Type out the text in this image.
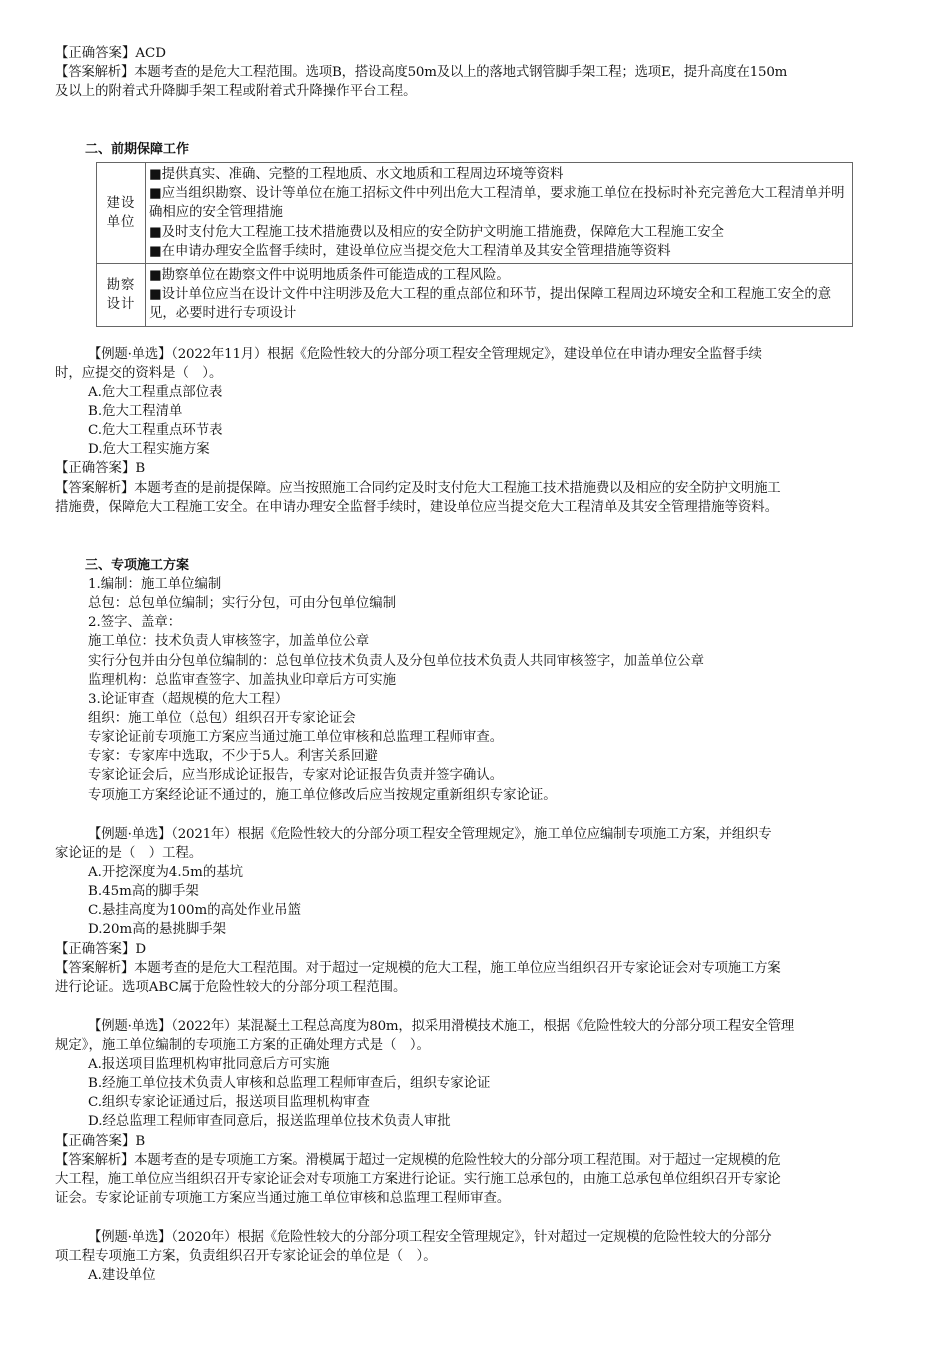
【正确答案】ACD
【答案解析】本题考查的是危大工程范围。选项B，搭设高度50m及以上的落地式钢管脚手架工程；选项E，提升高度在150m
及以上的附着式升降脚手架工程或附着式升降操作平台工程。
二、前期保障工作
建设
单位	■提供真实、准确、完整的工程地质、水文地质和工程周边环境等资料
■应当组织勘察、设计等单位在施工招标文件中列出危大工程清单，要求施工单位在投标时补充完善危大工程清单并明确相应的安全管理措施
■及时支付危大工程施工技术措施费以及相应的安全防护文明施工措施费，保障危大工程施工安全
■在申请办理安全监督手续时，建设单位应当提交危大工程清单及其安全管理措施等资料

勘察
设计	■勘察单位在勘察文件中说明地质条件可能造成的工程风险。
■设计单位应当在设计文件中注明涉及危大工程的重点部位和环节，提出保障工程周边环境安全和工程施工安全的意见，必要时进行专项设计
【例题·单选】（2022年11月）根据《危险性较大的分部分项工程安全管理规定》，建设单位在申请办理安全监督手续
时，应提交的资料是（　）。
A.危大工程重点部位表
B.危大工程清单
C.危大工程重点环节表
D.危大工程实施方案
【正确答案】B
【答案解析】本题考查的是前提保障。应当按照施工合同约定及时支付危大工程施工技术措施费以及相应的安全防护文明施工
措施费，保障危大工程施工安全。在申请办理安全监督手续时，建设单位应当提交危大工程清单及其安全管理措施等资料。
三、专项施工方案
1.编制：施工单位编制
总包：总包单位编制；实行分包，可由分包单位编制
2.签字、盖章：
施工单位：技术负责人审核签字，加盖单位公章
实行分包并由分包单位编制的：总包单位技术负责人及分包单位技术负责人共同审核签字，加盖单位公章
监理机构：总监审查签字、加盖执业印章后方可实施
3.论证审查（超规模的危大工程）
组织：施工单位（总包）组织召开专家论证会
专家论证前专项施工方案应当通过施工单位审核和总监理工程师审查。
专家：专家库中选取，不少于5人。利害关系回避
专家论证会后，应当形成论证报告，专家对论证报告负责并签字确认。
专项施工方案经论证不通过的，施工单位修改后应当按规定重新组织专家论证。
【例题·单选】（2021年）根据《危险性较大的分部分项工程安全管理规定》，施工单位应编制专项施工方案，并组织专
家论证的是（　）工程。
A.开挖深度为4.5m的基坑
B.45m高的脚手架
C.悬挂高度为100m的高处作业吊篮
D.20m高的悬挑脚手架
【正确答案】D
【答案解析】本题考查的是危大工程范围。对于超过一定规模的危大工程，施工单位应当组织召开专家论证会对专项施工方案
进行论证。选项ABC属于危险性较大的分部分项工程范围。
【例题·单选】（2022年）某混凝土工程总高度为80m，拟采用滑模技术施工，根据《危险性较大的分部分项工程安全管理
规定》，施工单位编制的专项施工方案的正确处理方式是（　）。
A.报送项目监理机构审批同意后方可实施
B.经施工单位技术负责人审核和总监理工程师审查后，组织专家论证
C.组织专家论证通过后，报送项目监理机构审查
D.经总监理工程师审查同意后，报送监理单位技术负责人审批
【正确答案】B
【答案解析】本题考查的是专项施工方案。滑模属于超过一定规模的危险性较大的分部分项工程范围。对于超过一定规模的危
大工程，施工单位应当组织召开专家论证会对专项施工方案进行论证。实行施工总承包的，由施工总承包单位组织召开专家论
证会。专家论证前专项施工方案应当通过施工单位审核和总监理工程师审查。
【例题·单选】（2020年）根据《危险性较大的分部分项工程安全管理规定》，针对超过一定规模的危险性较大的分部分
项工程专项施工方案，负责组织召开专家论证会的单位是（　）。
A.建设单位
